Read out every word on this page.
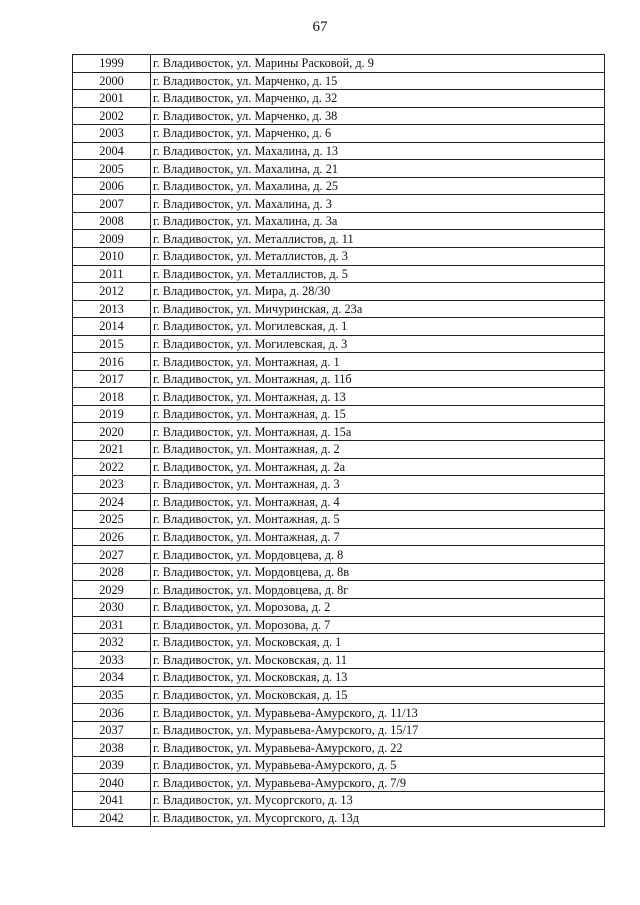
67
1999	г. Владивосток, ул. Марины Расковой, д. 9
2000	г. Владивосток, ул. Марченко, д. 15
2001	г. Владивосток, ул. Марченко, д. 32
2002	г. Владивосток, ул. Марченко, д. 38
2003	г. Владивосток, ул. Марченко, д. 6
2004	г. Владивосток, ул. Махалина, д. 13
2005	г. Владивосток, ул. Махалина, д. 21
2006	г. Владивосток, ул. Махалина, д. 25
2007	г. Владивосток, ул. Махалина, д. 3
2008	г. Владивосток, ул. Махалина, д. 3а
2009	г. Владивосток, ул. Металлистов, д. 11
2010	г. Владивосток, ул. Металлистов, д. 3
2011	г. Владивосток, ул. Металлистов, д. 5
2012	г. Владивосток, ул. Мира, д. 28/30
2013	г. Владивосток, ул. Мичуринская, д. 23а
2014	г. Владивосток, ул. Могилевская, д. 1
2015	г. Владивосток, ул. Могилевская, д. 3
2016	г. Владивосток, ул. Монтажная, д. 1
2017	г. Владивосток, ул. Монтажная, д. 11б
2018	г. Владивосток, ул. Монтажная, д. 13
2019	г. Владивосток, ул. Монтажная, д. 15
2020	г. Владивосток, ул. Монтажная, д. 15а
2021	г. Владивосток, ул. Монтажная, д. 2
2022	г. Владивосток, ул. Монтажная, д. 2а
2023	г. Владивосток, ул. Монтажная, д. 3
2024	г. Владивосток, ул. Монтажная, д. 4
2025	г. Владивосток, ул. Монтажная, д. 5
2026	г. Владивосток, ул. Монтажная, д. 7
2027	г. Владивосток, ул. Мордовцева, д. 8
2028	г. Владивосток, ул. Мордовцева, д. 8в
2029	г. Владивосток, ул. Мордовцева, д. 8г
2030	г. Владивосток, ул. Морозова, д. 2
2031	г. Владивосток, ул. Морозова, д. 7
2032	г. Владивосток, ул. Московская, д. 1
2033	г. Владивосток, ул. Московская, д. 11
2034	г. Владивосток, ул. Московская, д. 13
2035	г. Владивосток, ул. Московская, д. 15
2036	г. Владивосток, ул. Муравьева-Амурского, д. 11/13
2037	г. Владивосток, ул. Муравьева-Амурского, д. 15/17
2038	г. Владивосток, ул. Муравьева-Амурского, д. 22
2039	г. Владивосток, ул. Муравьева-Амурского, д. 5
2040	г. Владивосток, ул. Муравьева-Амурского, д. 7/9
2041	г. Владивосток, ул. Мусоргского, д. 13
2042	г. Владивосток, ул. Мусоргского, д. 13д
